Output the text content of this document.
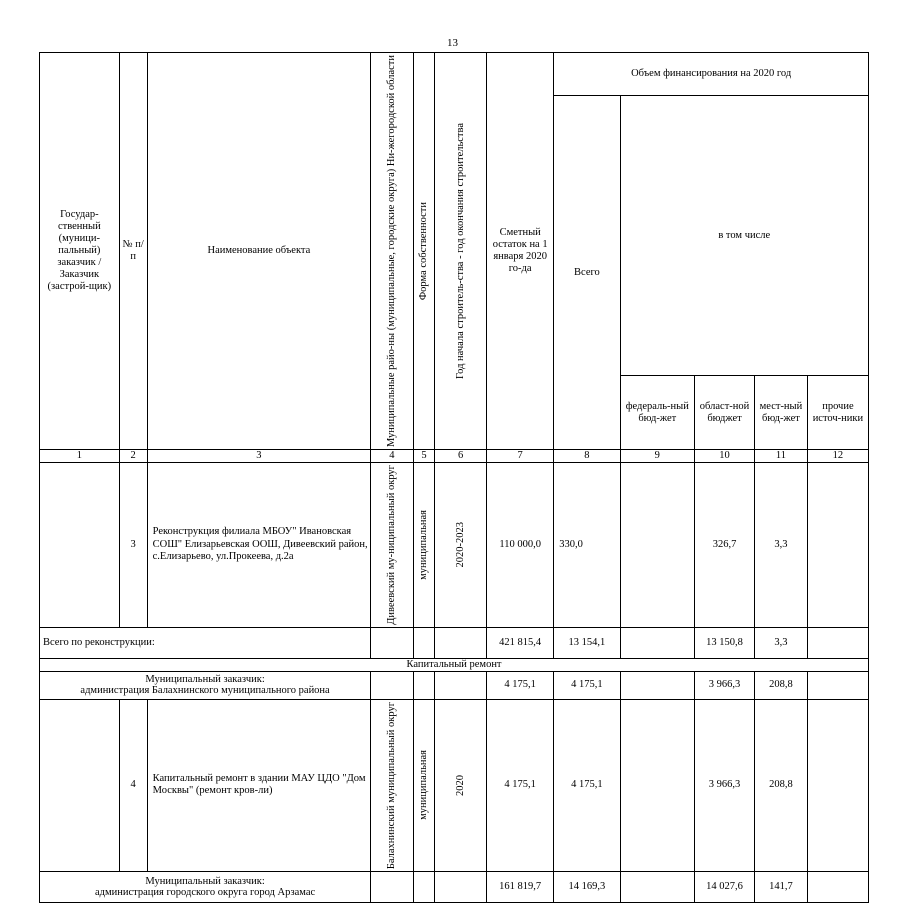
13
Государ-ственный (муници-пальный) заказчик / Заказчик (застрой-щик)	№ п/п	Наименование объекта	Муниципальные райо-ны (муниципальные, городские округа) Ни-жегородской области	Форма собственности	Год начала строитель-ства - год окончания строительства	Сметный остаток на 1 января 2020 го-да	Объем финансирования на 2020 год				
							Всего	в том числе			
								федераль-ный бюд-жет	област-ной бюджет	мест-ный бюд-жет	прочие источ-ники
1	2	3	4	5	6	7	8	9	10	11	12
	3	Реконструкция филиала МБОУ" Ивановская СОШ" Елизарьевская ООШ, Дивеевский район, с.Елизарьево, ул.Прокеева, д.2а	Дивеевский му-ниципальный округ	муниципальная	2020-2023	110 000,0	330,0		326,7	3,3	
Всего по реконструкции:						421 815,4	13 154,1		13 150,8	3,3	
Капитальный ремонт											

Муниципальный заказчик:
администрация Балахнинского муниципального района						4 175,1	4 175,1		3 966,3	208,8	
	4	Капитальный ремонт в здании МАУ ЦДО "Дом Москвы" (ремонт кров-ли)	Балахнинский муниципальный округ	муниципальная	2020	4 175,1	4 175,1		3 966,3	208,8	

Муниципальный заказчик:
администрация городского округа город Арзамас						161 819,7	14 169,3		14 027,6	141,7	
